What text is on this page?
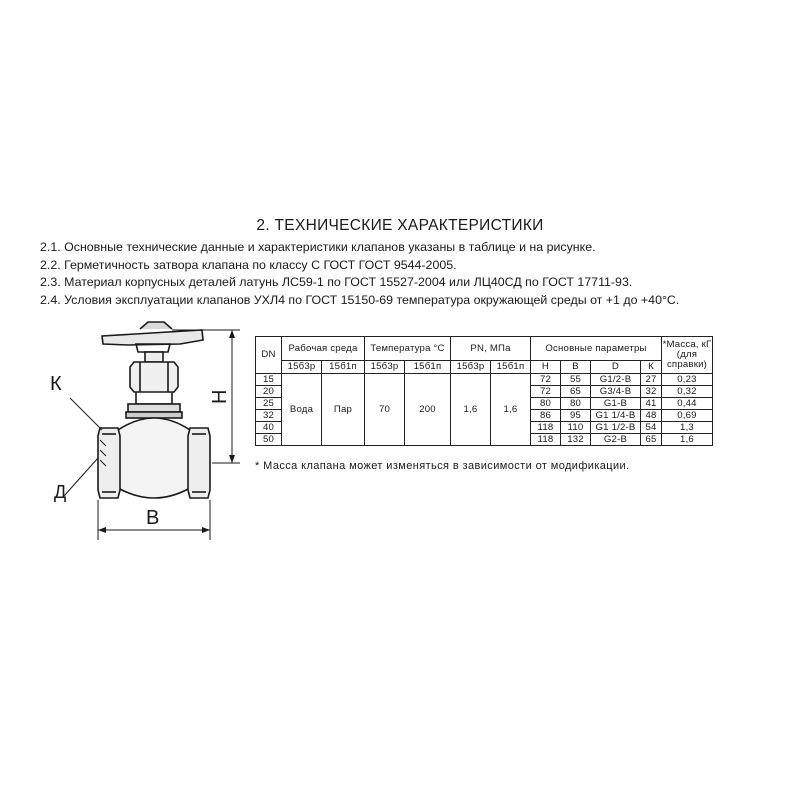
2. ТЕХНИЧЕСКИЕ ХАРАКТЕРИСТИКИ
2.1. Основные технические данные и характеристики клапанов указаны в таблице и на рисунке.
2.2. Герметичность затвора клапана по классу С ГОСТ ГОСТ 9544-2005.
2.3. Материал корпусных деталей латунь ЛС59-1 по ГОСТ 15527-2004 или ЛЦ40СД по ГОСТ 17711-93.
2.4. Условия эксплуатации клапанов УХЛ4 по ГОСТ 15150-69 температура окружающей среды от +1 до +40°С.
К
Д
В
Н
DN	Рабочая среда		Температура °С		PN, МПа		Основные параметры				*Масса, кГ (для справки)
	15б3р	15б1п	15б3р	15б1п	15б3р	15б1п	Н	В	D	К	
15	Вода	Пар	70	200	1,6	1,6	72	55	G1/2-B	27	0,23
20							72	65	G3/4-B	32	0,32
25							80	80	G1-B	41	0,44
32							86	95	G1 1/4-B	48	0,69
40							118	110	G1 1/2-B	54	1,3
50							118	132	G2-B	65	1,6
* Масса клапана может изменяться в зависимости от модификации.
